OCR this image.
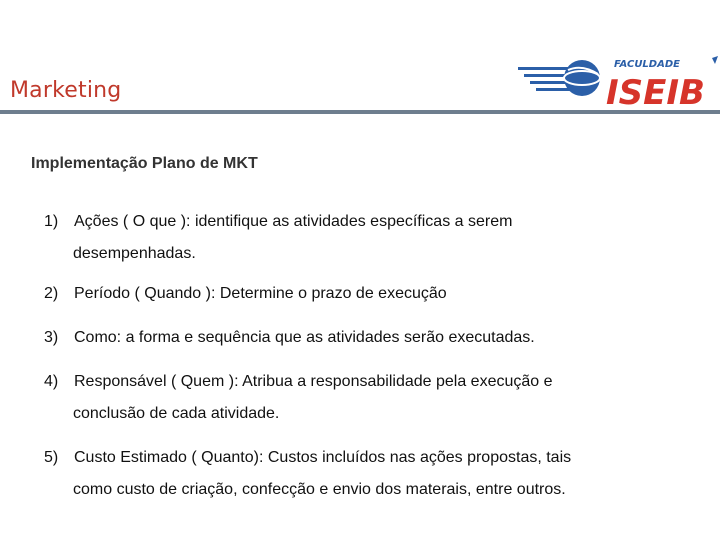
Marketing
FACULDADE
ISEIB
Implementação Plano de MKT
1) Ações ( O que ): identifique as atividades específicas a serem
desempenhadas.
2) Período ( Quando ): Determine o prazo de execução
3) Como: a forma e sequência que as atividades serão executadas.
4) Responsável ( Quem ): Atribua a responsabilidade pela execução e
conclusão de cada atividade.
5) Custo Estimado ( Quanto): Custos incluídos nas ações propostas, tais
como custo de criação, confecção e envio dos materais, entre outros.
